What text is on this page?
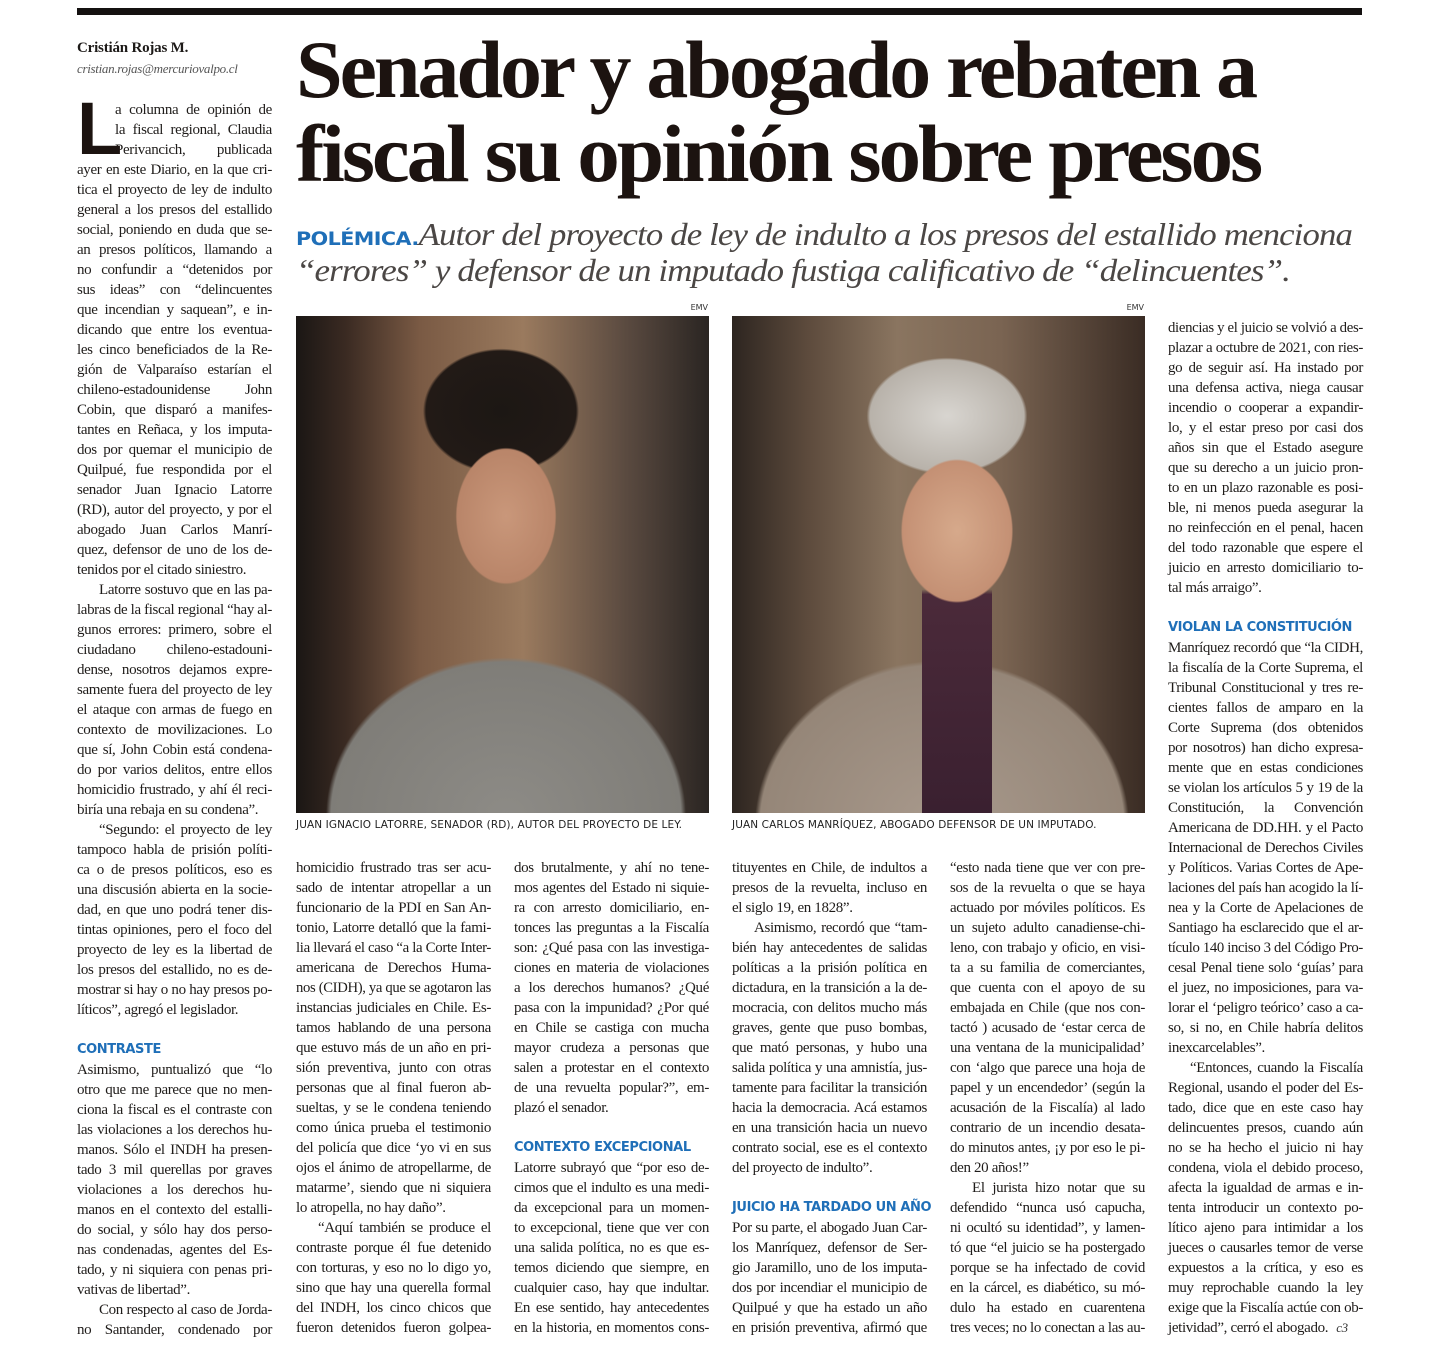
Cristián Rojas M.
cristian.rojas@mercuriovalpo.cl Senador y abogado rebaten a
fiscal su opinión sobre presos
POLÉMICA.Autor del proyecto de ley de indulto a los presos del estallido menciona
“errores” y defensor de un imputado fustiga calificativo de “delincuentes”.
EMV	EMV
JUAN IGNACIO LATORRE, SENADOR (RD), AUTOR DEL PROYECTO DE LEY.	JUAN CARLOS MANRÍQUEZ, ABOGADO DEFENSOR DE UN IMPUTADO.
a columna de opinión de
la fiscal regional, Claudia
Perivancich, publicada
ayer en este Diario, en la que cri-
tica el proyecto de ley de indulto
general a los presos del estallido
social, poniendo en duda que se-
an presos políticos, llamando a
no confundir a “detenidos por
sus ideas” con “delincuentes
que incendian y saquean”, e in-
dicando que entre los eventua-
les cinco beneficiados de la Re-
gión de Valparaíso estarían el
chileno-estadounidense John
Cobin, que disparó a manifes-
tantes en Reñaca, y los imputa-
dos por quemar el municipio de
Quilpué, fue respondida por el
senador Juan Ignacio Latorre
(RD), autor del proyecto, y por el
abogado Juan Carlos Manrí-
quez, defensor de uno de los de-
tenidos por el citado siniestro.
L
Latorre sostuvo que en las pa-
labras de la fiscal regional “hay al-
gunos errores: primero, sobre el
ciudadano chileno-estadouni-
dense, nosotros dejamos expre-
samente fuera del proyecto de ley
el ataque con armas de fuego en
contexto de movilizaciones. Lo
que sí, John Cobin está condena-
do por varios delitos, entre ellos
homicidio frustrado, y ahí él reci-
biría una rebaja en su condena”.
“Segundo: el proyecto de ley
tampoco habla de prisión políti-
ca o de presos políticos, eso es
una discusión abierta en la socie-
dad, en que uno podrá tener dis-
tintas opiniones, pero el foco del
proyecto de ley es la libertad de
los presos del estallido, no es de-
mostrar si hay o no hay presos po-
líticos”, agregó el legislador.
CONTRASTE
Asimismo, puntualizó que “lo
otro que me parece que no men-
ciona la fiscal es el contraste con
las violaciones a los derechos hu-
manos. Sólo el INDH ha presen-
tado 3 mil querellas por graves
violaciones a los derechos hu-
manos en el contexto del estalli-
do social, y sólo hay dos perso-
nas condenadas, agentes del Es-
tado, y ni siquiera con penas pri-
vativas de libertad”.
Con respecto al caso de Jorda-
no Santander, condenado por
homicidio frustrado tras ser acu-
sado de intentar atropellar a un
funcionario de la PDI en San An-
tonio, Latorre detalló que la fami-
lia llevará el caso “a la Corte Inter-
americana de Derechos Huma-
nos (CIDH), ya que se agotaron las
instancias judiciales en Chile. Es-
tamos hablando de una persona
que estuvo más de un año en pri-
sión preventiva, junto con otras
personas que al final fueron ab-
sueltas, y se le condena teniendo
como única prueba el testimonio
del policía que dice ‘yo vi en sus
ojos el ánimo de atropellarme, de
matarme’, siendo que ni siquiera
lo atropella, no hay daño”.
“Aquí también se produce el
contraste porque él fue detenido
con torturas, y eso no lo digo yo,
sino que hay una querella formal
del INDH, los cinco chicos que
fueron detenidos fueron golpea-
dos brutalmente, y ahí no tene-
mos agentes del Estado ni siquie-
ra con arresto domiciliario, en-
tonces las preguntas a la Fiscalía
son: ¿Qué pasa con las investiga-
ciones en materia de violaciones
a los derechos humanos? ¿Qué
pasa con la impunidad? ¿Por qué
en Chile se castiga con mucha
mayor crudeza a personas que
salen a protestar en el contexto
de una revuelta popular?”, em-
plazó el senador.
CONTEXTO EXCEPCIONAL
Latorre subrayó que “por eso de-
cimos que el indulto es una medi-
da excepcional para un momen-
to excepcional, tiene que ver con
una salida política, no es que es-
temos diciendo que siempre, en
cualquier caso, hay que indultar.
En ese sentido, hay antecedentes
en la historia, en momentos cons-
tituyentes en Chile, de indultos a
presos de la revuelta, incluso en
el siglo 19, en 1828”.
Asimismo, recordó que “tam-
bién hay antecedentes de salidas
políticas a la prisión política en
dictadura, en la transición a la de-
mocracia, con delitos mucho más
graves, gente que puso bombas,
que mató personas, y hubo una
salida política y una amnistía, jus-
tamente para facilitar la transición
hacia la democracia. Acá estamos
en una transición hacia un nuevo
contrato social, ese es el contexto
del proyecto de indulto”.
JUICIO HA TARDADO UN AÑO
Por su parte, el abogado Juan Car-
los Manríquez, defensor de Ser-
gio Jaramillo, uno de los imputa-
dos por incendiar el municipio de
Quilpué y que ha estado un año
en prisión preventiva, afirmó que
“esto nada tiene que ver con pre-
sos de la revuelta o que se haya
actuado por móviles políticos. Es
un sujeto adulto canadiense-chi-
leno, con trabajo y oficio, en visi-
ta a su familia de comerciantes,
que cuenta con el apoyo de su
embajada en Chile (que nos con-
tactó ) acusado de ‘estar cerca de
una ventana de la municipalidad’
con ‘algo que parece una hoja de
papel y un encendedor’ (según la
acusación de la Fiscalía) al lado
contrario de un incendio desata-
do minutos antes, ¡y por eso le pi-
den 20 años!”
El jurista hizo notar que su
defendido “nunca usó capucha,
ni ocultó su identidad”, y lamen-
tó que “el juicio se ha postergado
porque se ha infectado de covid
en la cárcel, es diabético, su mó-
dulo ha estado en cuarentena
tres veces; no lo conectan a las au-
diencias y el juicio se volvió a des-
plazar a octubre de 2021, con ries-
go de seguir así. Ha instado por
una defensa activa, niega causar
incendio o cooperar a expandir-
lo, y el estar preso por casi dos
años sin que el Estado asegure
que su derecho a un juicio pron-
to en un plazo razonable es posi-
ble, ni menos pueda asegurar la
no reinfección en el penal, hacen
del todo razonable que espere el
juicio en arresto domiciliario to-
tal más arraigo”.
VIOLAN LA CONSTITUCIÓN
Manríquez recordó que “la CIDH,
la fiscalía de la Corte Suprema, el
Tribunal Constitucional y tres re-
cientes fallos de amparo en la
Corte Suprema (dos obtenidos
por nosotros) han dicho expresa-
mente que en estas condiciones
se violan los artículos 5 y 19 de la
Constitución, la Convención
Americana de DD.HH. y el Pacto
Internacional de Derechos Civiles
y Políticos. Varias Cortes de Ape-
laciones del país han acogido la lí-
nea y la Corte de Apelaciones de
Santiago ha esclarecido que el ar-
tículo 140 inciso 3 del Código Pro-
cesal Penal tiene solo ‘guías’ para
el juez, no imposiciones, para va-
lorar el ‘peligro teórico’ caso a ca-
so, si no, en Chile habría delitos
inexcarcelables”.
“Entonces, cuando la Fiscalía
Regional, usando el poder del Es-
tado, dice que en este caso hay
delincuentes presos, cuando aún
no se ha hecho el juicio ni hay
condena, viola el debido proceso,
afecta la igualdad de armas e in-
tenta introducir un contexto po-
lítico ajeno para intimidar a los
jueces o causarles temor de verse
expuestos a la crítica, y eso es
muy reprochable cuando la ley
exige que la Fiscalía actúe con ob-
jetividad”, cerró el abogado.c3
